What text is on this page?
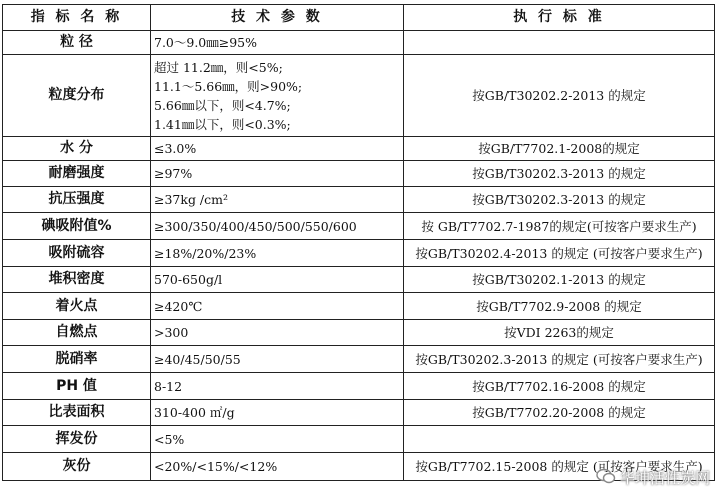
指 标 名 称	技 术 参 数	执 行 标 准
粒 径	7.0～9.0㎜≥95%	
粒度分布	超过 11.2㎜，则<5%;
11.1～5.66㎜，则>90%;
5.66㎜以下，则<4.7%;
1.41㎜以下，则<0.3%;	按GB/T30202.2-2013 的规定
水 分	≤3.0%	按GB/T7702.1-2008的规定
耐磨强度	≥97%	按GB/T30202.3-2013 的规定
抗压强度	≥37kg /cm²	按GB/T30202.3-2013 的规定
碘吸附值%	≥300/350/400/450/500/550/600	按 GB/T7702.7-1987的规定(可按客户要求生产)
吸附硫容	≥18%/20%/23%	按GB/T30202.4-2013 的规定 (可按客户要求生产)
堆积密度	570-650g/l	按GB/T30202.1-2013 的规定
着火点	≥420℃	按GB/T7702.9-2008 的规定
自燃点	>300	按VDI 2263的规定
脱硝率	≥40/45/50/55	按GB/T30202.3-2013 的规定 (可按客户要求生产)
PH 值	8-12	按GB/T7702.16-2008 的规定
比表面积	310-400 ㎡/g	按GB/T7702.20-2008 的规定
挥发份	<5%	
灰份	<20%/<15%/<12%	按GB/T7702.15-2008 的规定 (可按客户要求生产)
华坤活性炭网
